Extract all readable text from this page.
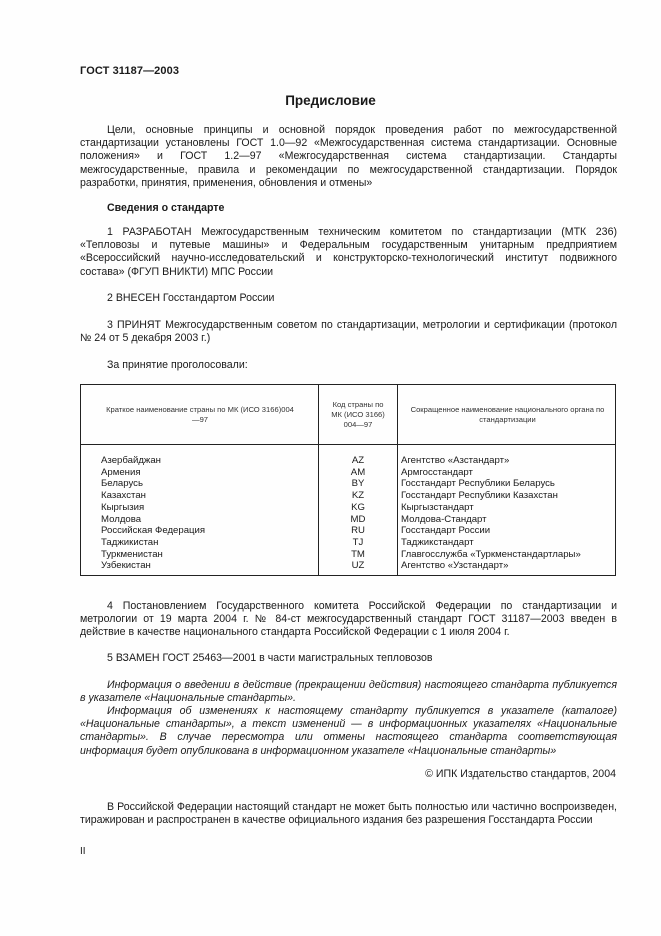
ГОСТ 31187—2003
Предисловие
Цели, основные принципы и основной порядок проведения работ по межгосударственной стандартизации установлены ГОСТ 1.0—92 «Межгосударственная система стандартизации. Основные положения» и ГОСТ 1.2—97 «Межгосударственная система стандартизации. Стандарты межгосударственные, правила и рекомендации по межгосударственной стандартизации. Порядок разработки, принятия, применения, обновления и отмены»
Сведения о стандарте
1 РАЗРАБОТАН Межгосударственным техническим комитетом по стандартизации (МТК 236) «Тепловозы и путевые машины» и Федеральным государственным унитарным предприятием «Всероссийский научно-исследовательский и конструкторско-технологический институт подвижного состава» (ФГУП ВНИКТИ) МПС России
2 ВНЕСЕН Госстандартом России
3 ПРИНЯТ Межгосударственным советом по стандартизации, метрологии и сертификации (протокол № 24 от 5 декабря 2003 г.)
За принятие проголосовали:
Краткое наименование страны по МК (ИСО 3166)004—97
Код страны по МК (ИСО 3166) 004—97
Сокращенное наименование национального органа по стандартизации
Азербайджан
Армения
Беларусь
Казахстан
Кыргызия
Молдова
Российская Федерация
Таджикистан
Туркменистан
Узбекистан
AZ
AM
BY
KZ
KG
MD
RU
TJ
TM
UZ
Агентство «Азстандарт»
Армгосстандарт
Госстандарт Республики Беларусь
Госстандарт Республики Казахстан
Кыргызстандарт
Молдова-Стандарт
Госстандарт России
Таджикстандарт
Главгосслужба «Туркменстандартлары»
Агентство «Узстандарт»
4 Постановлением Государственного комитета Российской Федерации по стандартизации и метрологии от 19 марта 2004 г. № 84-ст межгосударственный стандарт ГОСТ 31187—2003 введен в действие в качестве национального стандарта Российской Федерации с 1 июля 2004 г.
5 ВЗАМЕН ГОСТ 25463—2001 в части магистральных тепловозов
Информация о введении в действие (прекращении действия) настоящего стандарта публикуется в указателе «Национальные стандарты».
Информация об изменениях к настоящему стандарту публикуется в указателе (каталоге) «Национальные стандарты», а текст изменений — в информационных указателях «Национальные стандарты». В случае пересмотра или отмены настоящего стандарта соответствующая информация будет опубликована в информационном указателе «Национальные стандарты»
© ИПК Издательство стандартов, 2004
В Российской Федерации настоящий стандарт не может быть полностью или частично воспроизведен, тиражирован и распространен в качестве официального издания без разрешения Госстандарта России
II
